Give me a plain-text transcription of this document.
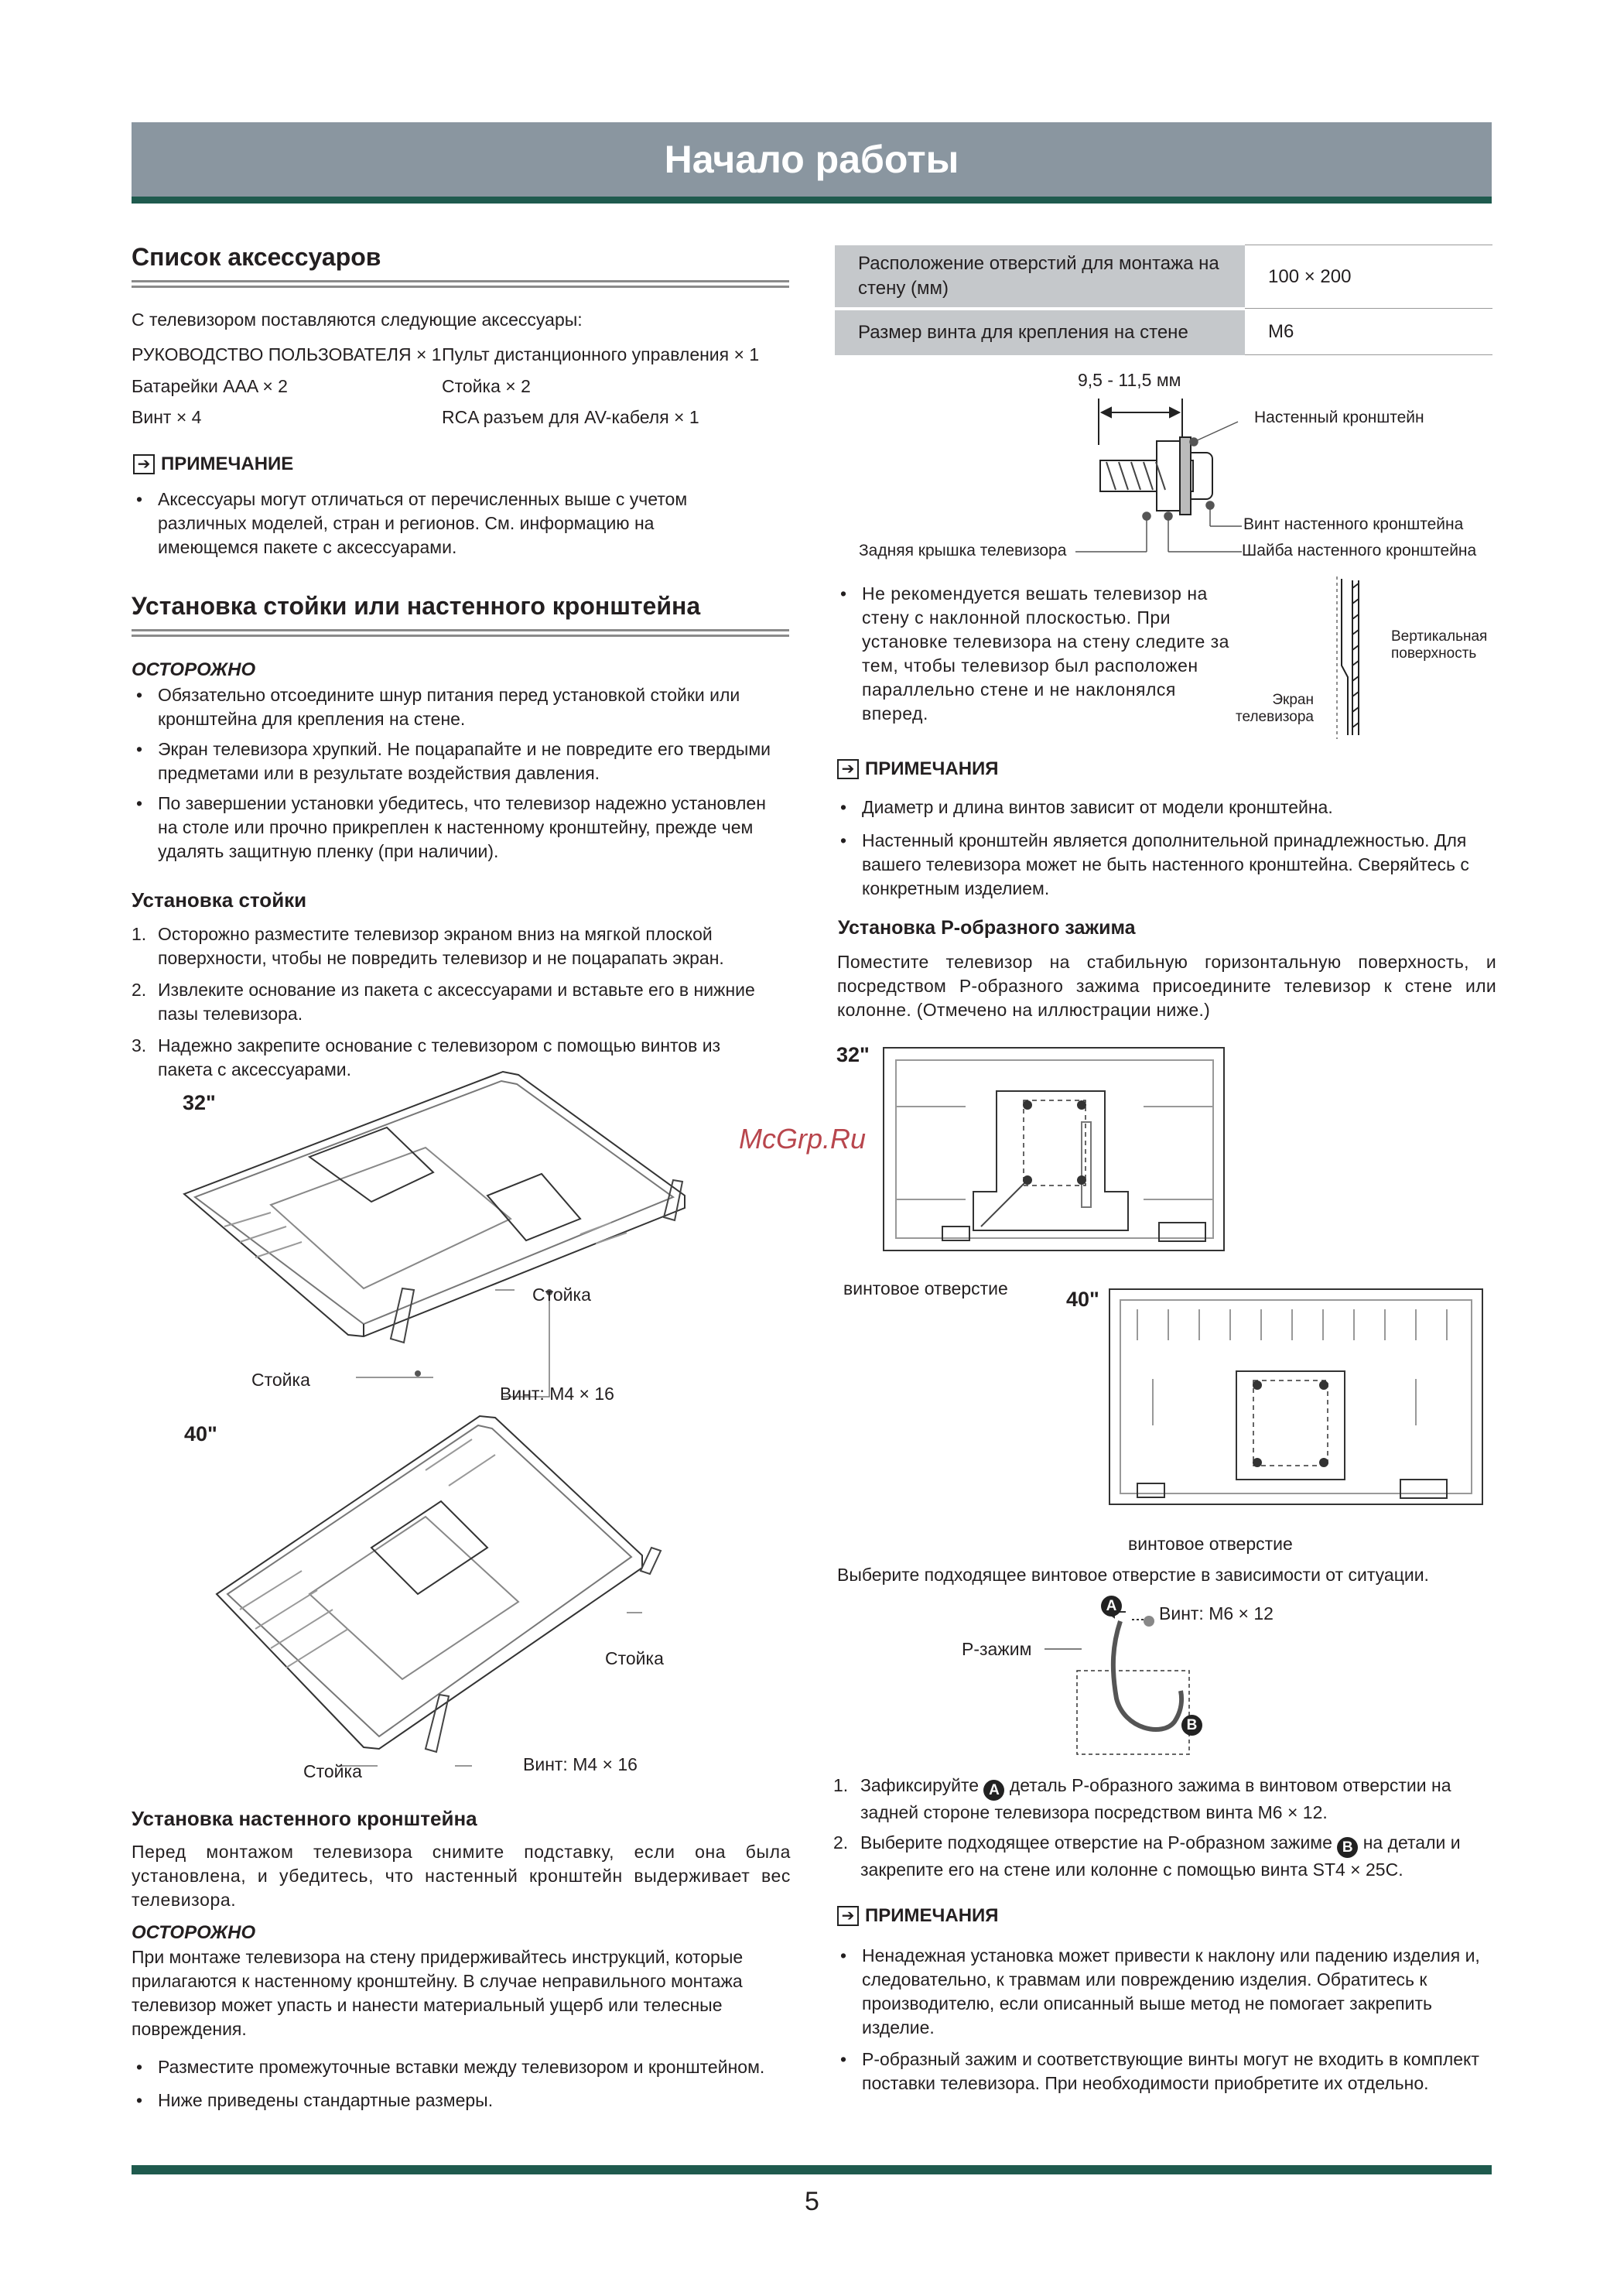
Начало работы
Список аксессуаров
С телевизором поставляются следующие аксессуары:
РУКОВОДСТВО ПОЛЬЗОВАТЕЛЯ × 1 Пульт дистанционного управления × 1
Батарейки AAA × 2	Стойка × 2
Винт × 4	RCA разъем для AV-кабеля × 1
➔ ПРИМЕЧАНИЕ
• Аксессуары могут отличаться от перечисленных выше с учетом различных моделей, стран и регионов. См. информацию на имеющемся пакете с аксессуарами.
Установка стойки или настенного кронштейна
ОСТОРОЖНО
• Обязательно отсоедините шнур питания перед установкой стойки или кронштейна для крепления на стене.
• Экран телевизора хрупкий. Не поцарапайте и не повредите его твердыми предметами или в результате воздействия давления.
• По завершении установки убедитесь, что телевизор надежно установлен на столе или прочно прикреплен к настенному кронштейну, прежде чем удалять защитную пленку (при наличии).
Установка стойки
1. Осторожно разместите телевизор экраном вниз на мягкой плоской поверхности, чтобы не повредить телевизор и не поцарапать экран.
2. Извлеките основание из пакета с аксессуарами и вставьте его в нижние пазы телевизора.
3. Надежно закрепите основание с телевизором с помощью винтов из пакета с аксессуарами.
32"
Стойка
Стойка
Винт: M4 × 16
40"
Стойка
Стойка	Винт: M4 × 16
Установка настенного кронштейна
Перед монтажом телевизора снимите подставку, если она была установлена, и убедитесь, что настенный кронштейн выдерживает вес телевизора.
ОСТОРОЖНО
При монтаже телевизора на стену придерживайтесь инструкций, которые прилагаются к настенному кронштейну. В случае неправильного монтажа телевизор может упасть и нанести материальный ущерб или телесные повреждения.
• Разместите промежуточные вставки между телевизором и кронштейном.
• Ниже приведены стандартные размеры.
Расположение отверстий для монтажа на стену (мм)	100 × 200
Размер винта для крепления на стене	M6
9,5 - 11,5 мм
Настенный кронштейн
Винт настенного кронштейна
Задняя крышка телевизора	Шайба настенного кронштейна
• Не рекомендуется вешать телевизор на стену с наклонной плоскостью. При установке телевизора на стену следите за тем, чтобы телевизор был расположен параллельно стене и не наклонялся вперед.
Вертикальная поверхность
Экран телевизора
➔ ПРИМЕЧАНИЯ
• Диаметр и длина винтов зависит от модели кронштейна.
• Настенный кронштейн является дополнительной принадлежностью. Для вашего телевизора может не быть настенного кронштейна. Сверяйтесь с конкретным изделием.
Установка P-образного зажима
Поместите телевизор на стабильную горизонтальную поверхность, и посредством P-образного зажима присоедините телевизор к стене или колонне. (Отмечено на иллюстрации ниже.)
32"
винтовое отверстие
McGrp.Ru
40"
винтовое отверстие
Выберите подходящее винтовое отверстие в зависимости от ситуации.
A
B
Винт: M6 × 12
P-зажим
1. Зафиксируйте A деталь P-образного зажима в винтовом отверстии на задней стороне телевизора посредством винта M6 × 12.
2. Выберите подходящее отверстие на P-образном зажиме B на детали и закрепите его на стене или колонне с помощью винта ST4 × 25C.
➔ ПРИМЕЧАНИЯ
• Ненадежная установка может привести к наклону или падению изделия и, следовательно, к травмам или повреждению изделия. Обратитесь к производителю, если описанный выше метод не помогает закрепить изделие.
• P-образный зажим и соответствующие винты могут не входить в комплект поставки телевизора. При необходимости приобретите их отдельно.
5
